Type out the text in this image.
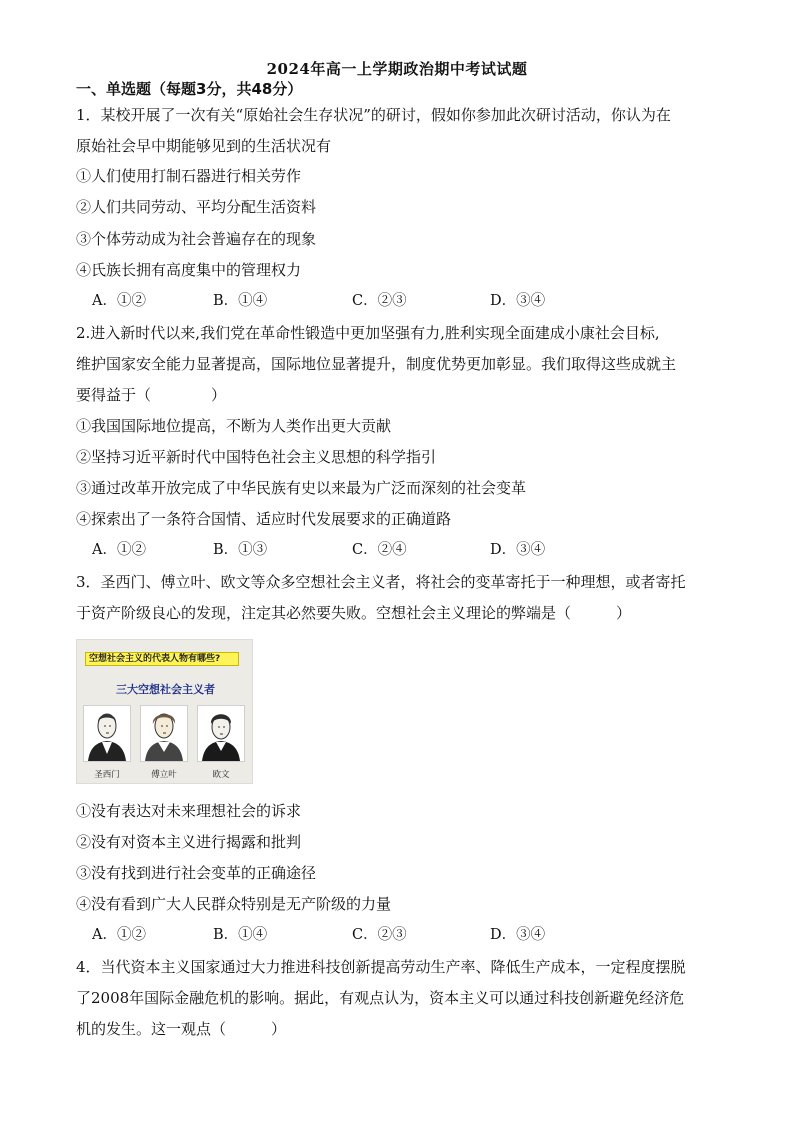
2024年高一上学期政治期中考试试题
一、单选题（每题3分，共48分）
1．某校开展了一次有关“原始社会生存状况”的研讨，假如你参加此次研讨活动，你认为在
原始社会早中期能够见到的生活状况有
①人们使用打制石器进行相关劳作
②人们共同劳动、平均分配生活资料
③个体劳动成为社会普遍存在的现象
④氏族长拥有高度集中的管理权力
A．①②	B．①④	C．②③	D．③④
2.进入新时代以来,我们党在革命性锻造中更加坚强有力,胜利实现全面建成小康社会目标,
维护国家安全能力显著提高，国际地位显著提升，制度优势更加彰显。我们取得这些成就主
要得益于（　　　　）
①我国国际地位提高，不断为人类作出更大贡献
②坚持习近平新时代中国特色社会主义思想的科学指引
③通过改革开放完成了中华民族有史以来最为广泛而深刻的社会变革
④探索出了一条符合国情、适应时代发展要求的正确道路
A．①②	B．①③	C．②④	D．③④
3．圣西门、傅立叶、欧文等众多空想社会主义者，将社会的变革寄托于一种理想，或者寄托
于资产阶级良心的发现，注定其必然要失败。空想社会主义理论的弊端是（　　　）
空想社会主义的代表人物有哪些?
三大空想社会主义者
圣西门	傅立叶	欧文
①没有表达对未来理想社会的诉求
②没有对资本主义进行揭露和批判
③没有找到进行社会变革的正确途径
④没有看到广大人民群众特别是无产阶级的力量
A．①②	B．①④	C．②③	D．③④
4．当代资本主义国家通过大力推进科技创新提高劳动生产率、降低生产成本，一定程度摆脱
了2008年国际金融危机的影响。据此，有观点认为，资本主义可以通过科技创新避免经济危
机的发生。这一观点（　　　）
